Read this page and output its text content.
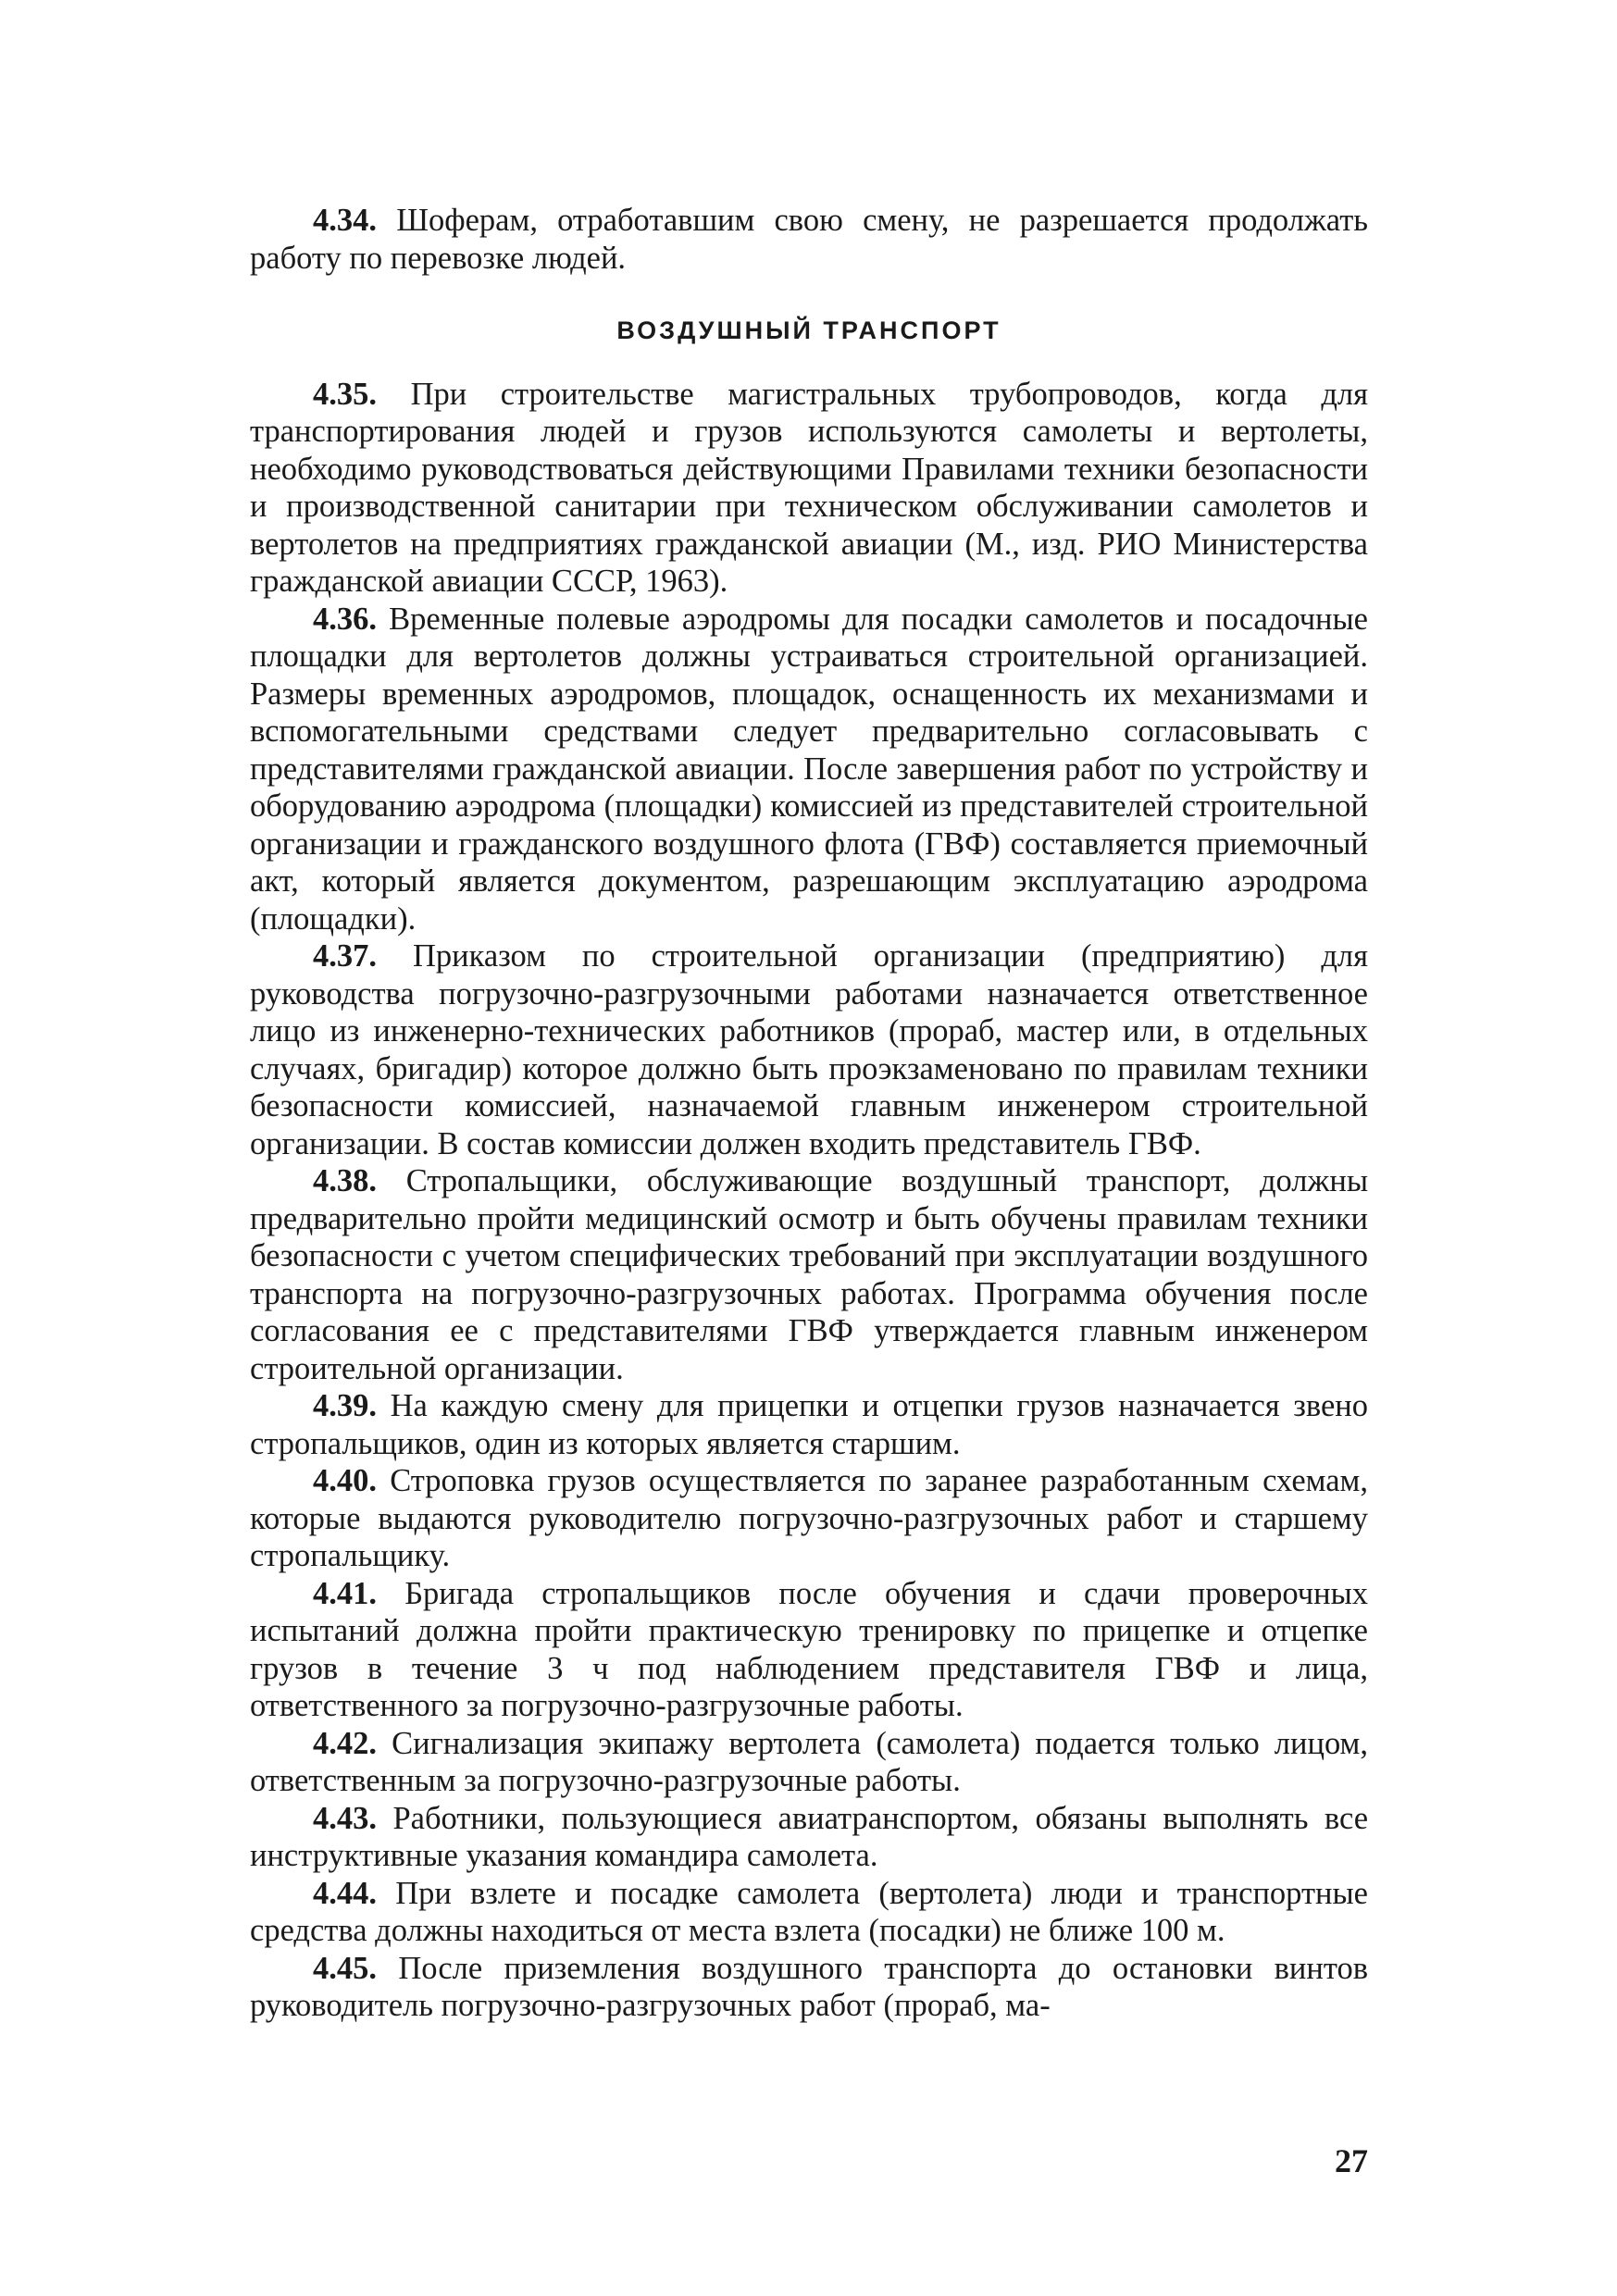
4.34. Шоферам, отработавшим свою смену, не разрешается продолжать работу по перевозке людей.

ВОЗДУШНЫЙ ТРАНСПОРТ

4.35. При строительстве магистральных трубопроводов, когда для транспортирования людей и грузов используются самолеты и вертолеты, необходимо руководствоваться действующими Правилами техники безопасности и производственной санитарии при техническом обслуживании самолетов и вертолетов на предприятиях гражданской авиации (М., изд. РИО Министерства гражданской авиации СССР, 1963).

4.36. Временные полевые аэродромы для посадки самолетов и посадочные площадки для вертолетов должны устраиваться строительной организацией. Размеры временных аэродромов, площадок, оснащенность их механизмами и вспомогательными средствами следует предварительно согласовывать с представителями гражданской авиации. После завершения работ по устройству и оборудованию аэродрома (площадки) комиссией из представителей строительной организации и гражданского воздушного флота (ГВФ) составляется приемочный акт, который является документом, разрешающим эксплуатацию аэродрома (площадки).

4.37. Приказом по строительной организации (предприятию) для руководства погрузочно-разгрузочными работами назначается ответственное лицо из инженерно-технических работников (прораб, мастер или, в отдельных случаях, бригадир) которое должно быть проэкзаменовано по правилам техники безопасности комиссией, назначаемой главным инженером строительной организации. В состав комиссии должен входить представитель ГВФ.

4.38. Стропальщики, обслуживающие воздушный транспорт, должны предварительно пройти медицинский осмотр и быть обучены правилам техники безопасности с учетом специфических требований при эксплуатации воздушного транспорта на погрузочно-разгрузочных работах. Программа обучения после согласования ее с представителями ГВФ утверждается главным инженером строительной организации.

4.39. На каждую смену для прицепки и отцепки грузов назначается звено стропальщиков, один из которых является старшим.

4.40. Строповка грузов осуществляется по заранее разработанным схемам, которые выдаются руководителю погрузочно-разгрузочных работ и старшему стропальщику.

4.41. Бригада стропальщиков после обучения и сдачи проверочных испытаний должна пройти практическую тренировку по прицепке и отцепке грузов в течение 3 ч под наблюдением представителя ГВФ и лица, ответственного за погрузочно-разгрузочные работы.

4.42. Сигнализация экипажу вертолета (самолета) подается только лицом, ответственным за погрузочно-разгрузочные работы.

4.43. Работники, пользующиеся авиатранспортом, обязаны выполнять все инструктивные указания командира самолета.

4.44. При взлете и посадке самолета (вертолета) люди и транспортные средства должны находиться от места взлета (посадки) не ближе 100 м.

4.45. После приземления воздушного транспорта до остановки винтов руководитель погрузочно-разгрузочных работ (прораб, ма-

27
